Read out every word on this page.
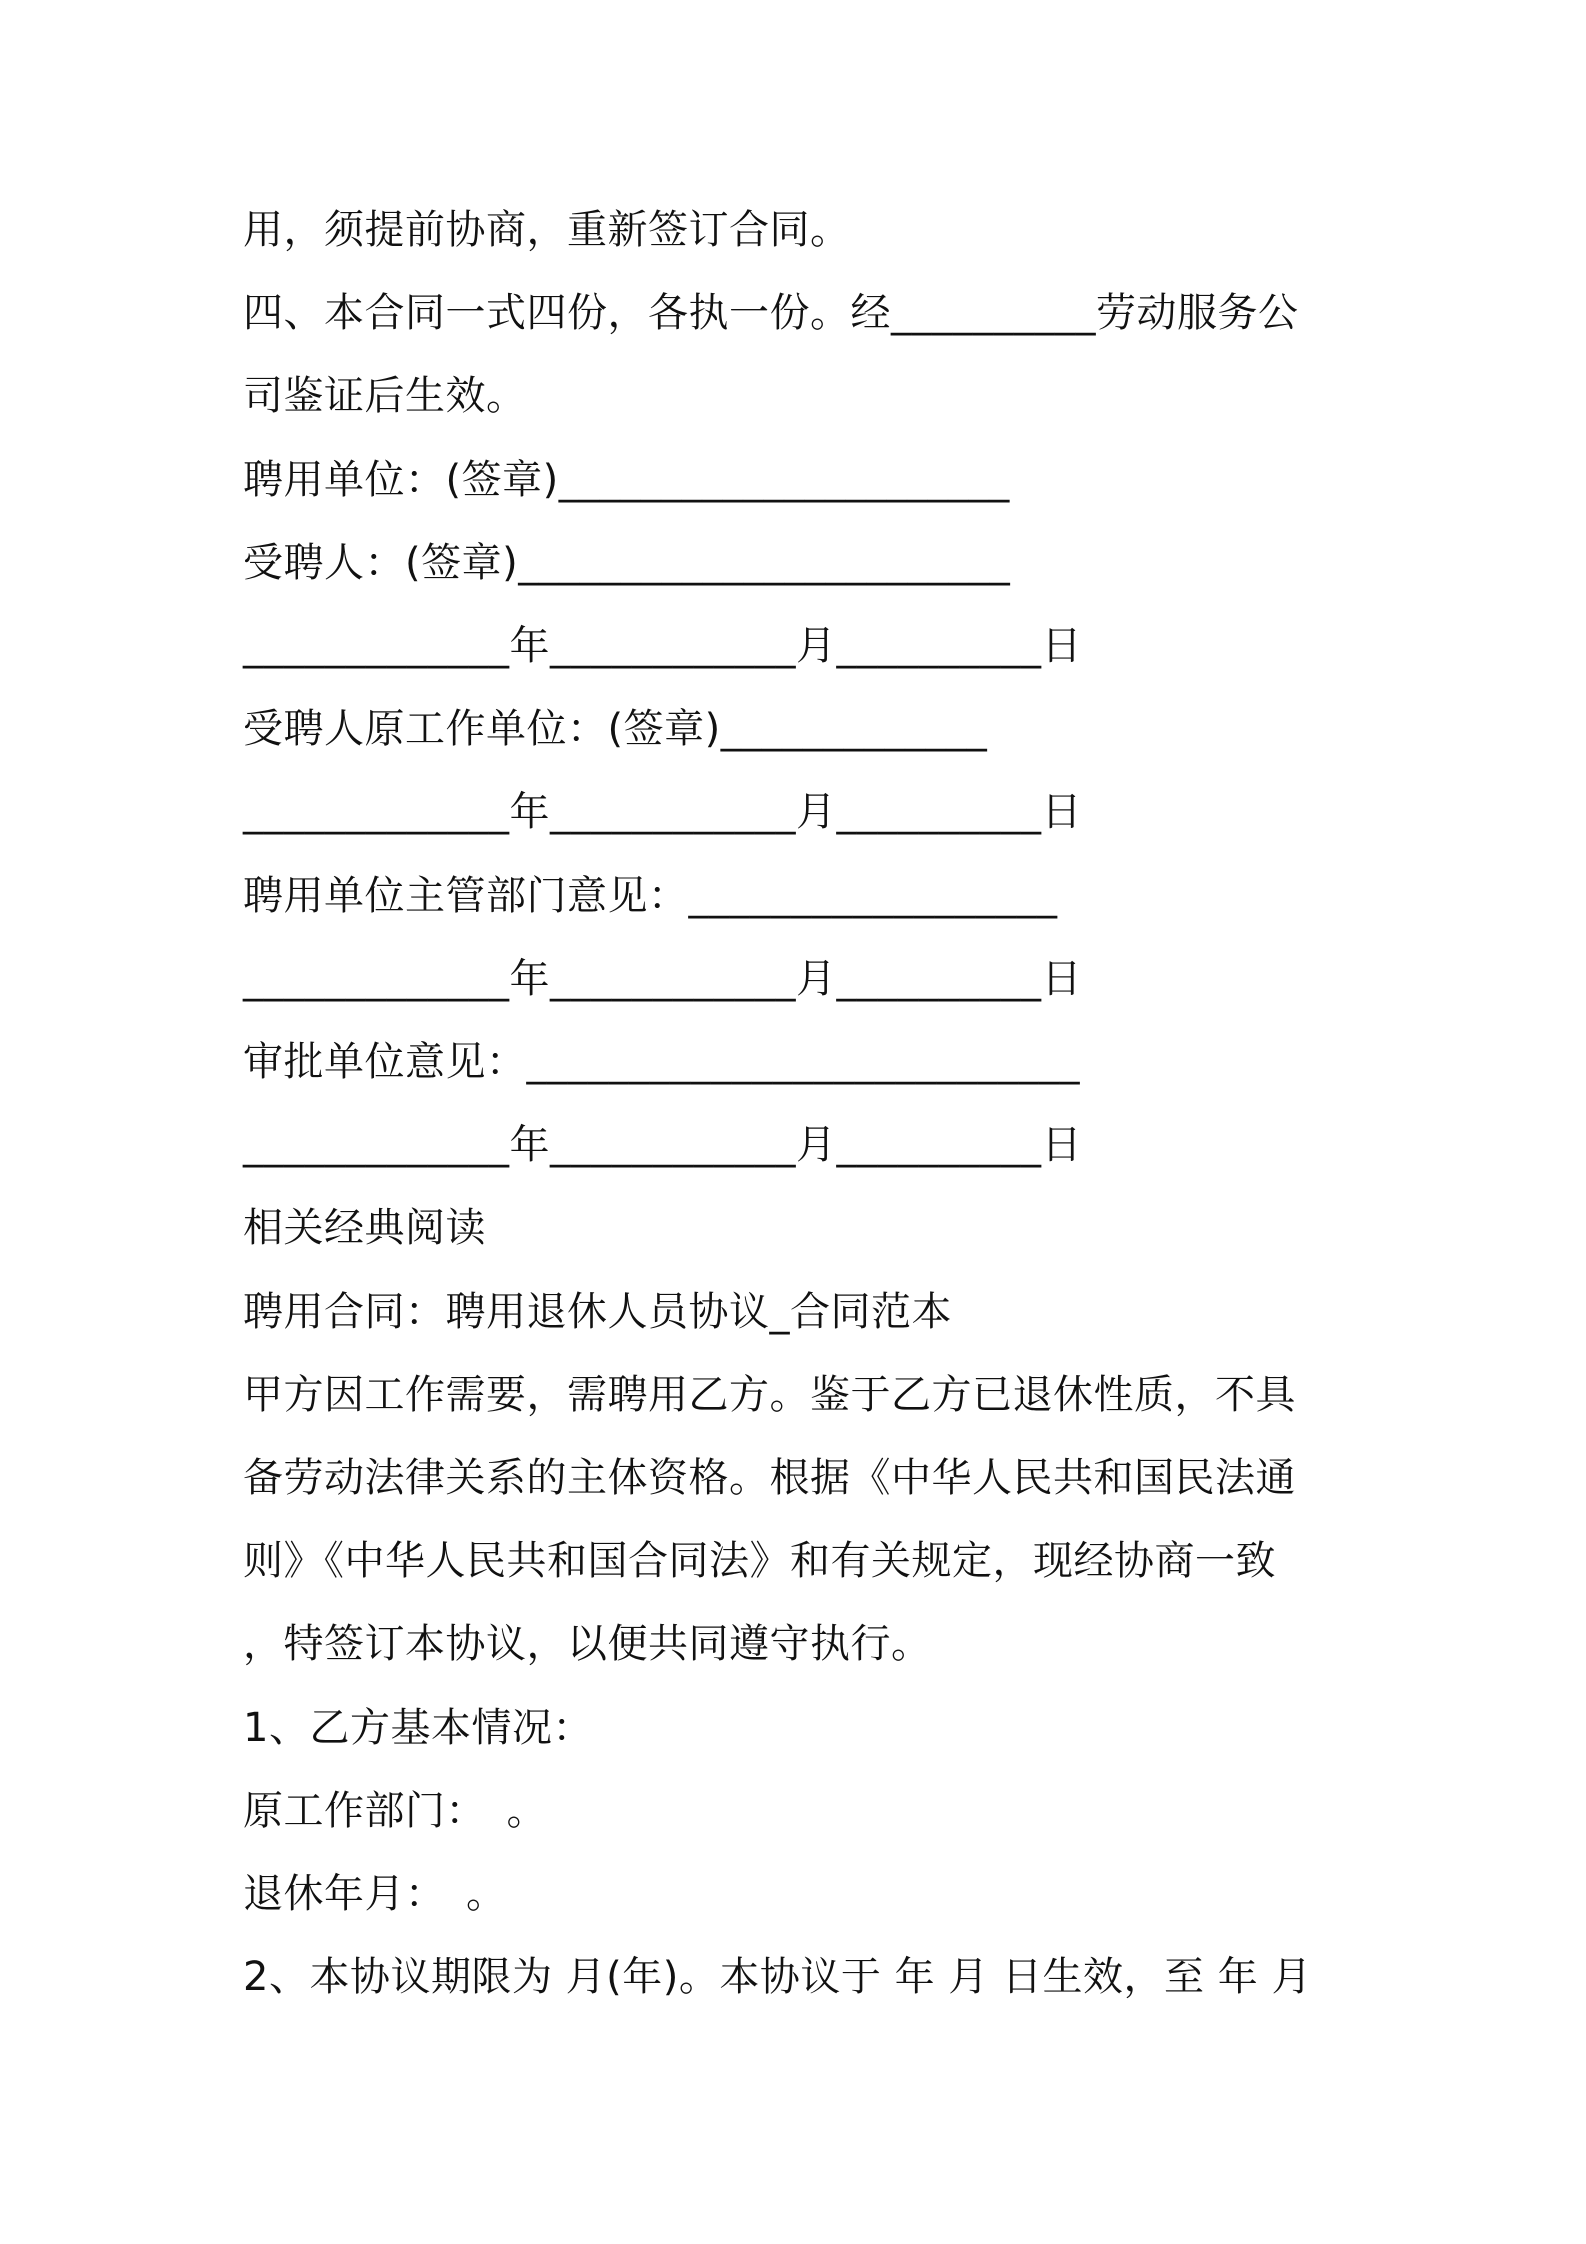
用，须提前协商，重新签订合同。
四、本合同一式四份，各执一份。经__________劳动服务公
司鉴证后生效。
聘用单位：(签章)______________________
受聘人：(签章)________________________
_____________年____________月__________日
受聘人原工作单位：(签章)_____________
_____________年____________月__________日
聘用单位主管部门意见：__________________
_____________年____________月__________日
审批单位意见：___________________________
_____________年____________月__________日
相关经典阅读
聘用合同：聘用退休人员协议_合同范本
甲方因工作需要，需聘用乙方。鉴于乙方已退休性质，不具
备劳动法律关系的主体资格。根据《中华人民共和国民法通
则》《中华人民共和国合同法》和有关规定，现经协商一致
，特签订本协议，以便共同遵守执行。
1、乙方基本情况：
原工作部门：　。
退休年月：　。
2、本协议期限为 月(年)。本协议于 年 月 日生效，至 年 月
